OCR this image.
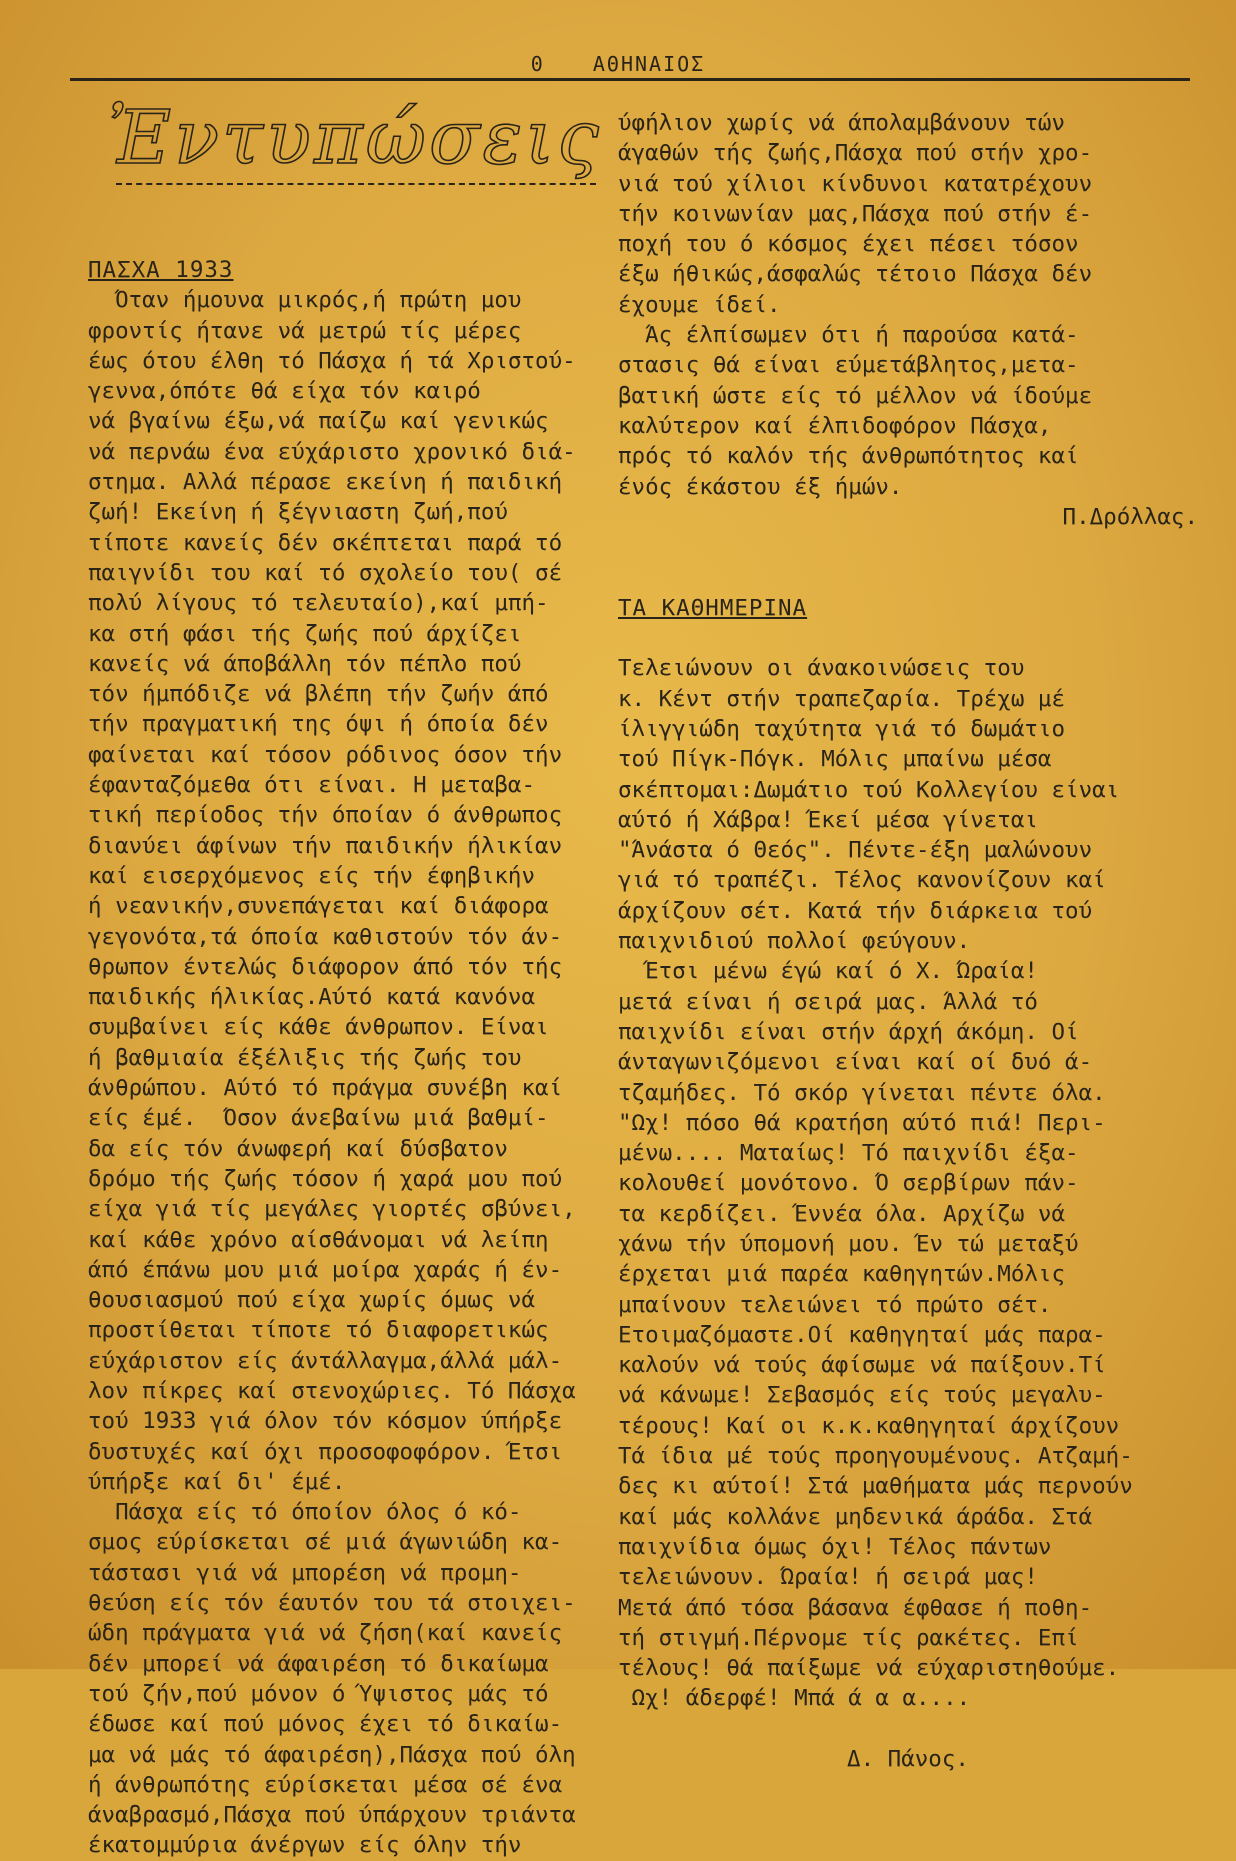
0 ΑΘΗΝΑΙΟΣ
Ἐντυπώσεις

ΠΑΣΧΑ 1933

Όταν ήμουνα μικρός,ή πρώτη μου

φροντίς ήτανε νά μετρώ τίς μέρες

έως ότου έλθη τό Πάσχα ή τά Χριστού-

γεννα,όπότε θά είχα τόν καιρό

νά βγαίνω έξω,νά παίζω καί γενικώς

νά περνάω ένα εύχάριστο χρονικό διά-

στημα. Αλλά πέρασε εκείνη ή παιδική

ζωή! Εκείνη ή ξέγνιαστη ζωή,πού

τίποτε κανείς δέν σκέπτεται παρά τό

παιγνίδι του καί τό σχολείο του( σέ

πολύ λίγους τό τελευταίο),καί μπή-

κα στή φάσι τής ζωής πού άρχίζει

κανείς νά άποβάλλη τόν πέπλο πού

τόν ήμπόδιζε νά βλέπη τήν ζωήν άπό

τήν πραγματική της όψι ή όποία δέν

φαίνεται καί τόσον ρόδινος όσον τήν

έφανταζόμεθα ότι είναι. Η μεταβα-

τική περίοδος τήν όποίαν ό άνθρωπος

διανύει άφίνων τήν παιδικήν ήλικίαν

καί εισερχόμενος είς τήν έφηβικήν

ή νεανικήν,συνεπάγεται καί διάφορα

γεγονότα,τά όποία καθιστούν τόν άν-

θρωπον έντελώς διάφορον άπό τόν τής

παιδικής ήλικίας.Αύτό κατά κανόνα

συμβαίνει είς κάθε άνθρωπον. Είναι

ή βαθμιαία έξέλιξις τής ζωής του

άνθρώπου. Αύτό τό πράγμα συνέβη καί

είς έμέ.  Όσον άνεβαίνω μιά βαθμί-

δα είς τόν άνωφερή καί δύσβατον

δρόμο τής ζωής τόσον ή χαρά μου πού

είχα γιά τίς μεγάλες γιορτές σβύνει,

καί κάθε χρόνο αίσθάνομαι νά λείπη

άπό έπάνω μου μιά μοίρα χαράς ή έν-

θουσιασμού πού είχα χωρίς όμως νά

προστίθεται τίποτε τό διαφορετικώς

εύχάριστον είς άντάλλαγμα,άλλά μάλ-

λον πίκρες καί στενοχώριες. Τό Πάσχα

τού 1933 γιά όλον τόν κόσμον ύπήρξε

δυστυχές καί όχι προσοφοφόρον. Έτσι

ύπήρξε καί δι' έμέ.

Πάσχα είς τό όποίον όλος ό κό-

σμος εύρίσκεται σέ μιά άγωνιώδη κα-

τάστασι γιά νά μπορέση νά προμη-

θεύση είς τόν έαυτόν του τά στοιχει-

ώδη πράγματα γιά νά ζήση(καί κανείς

δέν μπορεί νά άφαιρέση τό δικαίωμα

τού ζήν,πού μόνον ό Ύψιστος μάς τό

έδωσε καί πού μόνος έχει τό δικαίω-

μα νά μάς τό άφαιρέση),Πάσχα πού όλη

ή άνθρωπότης εύρίσκεται μέσα σέ ένα

άναβρασμό,Πάσχα πού ύπάρχουν τριάντα

έκατομμύρια άνέργων είς όλην τήν

ύφήλιον χωρίς νά άπολαμβάνουν τών

άγαθών τής ζωής,Πάσχα πού στήν χρο-

νιά τού χίλιοι κίνδυνοι κατατρέχουν

τήν κοινωνίαν μας,Πάσχα πού στήν έ-

ποχή του ό κόσμος έχει πέσει τόσον

έξω ήθικώς,άσφαλώς τέτοιο Πάσχα δέν

έχουμε ίδεί.

Άς έλπίσωμεν ότι ή παρούσα κατά-

στασις θά είναι εύμετάβλητος,μετα-

βατική ώστε είς τό μέλλον νά ίδούμε

καλύτερον καί έλπιδοφόρον Πάσχα,

πρός τό καλόν τής άνθρωπότητος καί

ένός έκάστου έξ ήμών.

Π.Δρόλλας.

ΤΑ ΚΑΘΗΜΕΡΙΝΑ

Τελειώνουν οι άνακοινώσεις του

κ. Κέντ στήν τραπεζαρία. Τρέχω μέ

ίλιγγιώδη ταχύτητα γιά τό δωμάτιο

τού Πίγκ-Πόγκ. Μόλις μπαίνω μέσα

σκέπτομαι:Δωμάτιο τού Κολλεγίου είναι

αύτό ή Χάβρα! Έκεί μέσα γίνεται

"Άνάστα ό Θεός". Πέντε-έξη μαλώνουν

γιά τό τραπέζι. Τέλος κανονίζουν καί

άρχίζουν σέτ. Κατά τήν διάρκεια τού

παιχνιδιού πολλοί φεύγουν.

Έτσι μένω έγώ καί ό Χ. Ώραία!

μετά είναι ή σειρά μας. Άλλά τό

παιχνίδι είναι στήν άρχή άκόμη. Οί

άνταγωνιζόμενοι είναι καί οί δυό ά-

τζαμήδες. Τό σκόρ γίνεται πέντε όλα.

"Ωχ! πόσο θά κρατήση αύτό πιά! Περι-

μένω.... Ματαίως! Τό παιχνίδι έξα-

κολουθεί μονότονο. Ό σερβίρων πάν-

τα κερδίζει. Έννέα όλα. Αρχίζω νά

χάνω τήν ύπομονή μου. Έν τώ μεταξύ

έρχεται μιά παρέα καθηγητών.Μόλις

μπαίνουν τελειώνει τό πρώτο σέτ.

Ετοιμαζόμαστε.Οί καθηγηταί μάς παρα-

καλούν νά τούς άφίσωμε νά παίξουν.Τί

νά κάνωμε! Σεβασμός είς τούς μεγαλυ-

τέρους! Καί οι κ.κ.καθηγηταί άρχίζουν

Τά ίδια μέ τούς προηγουμένους. Ατζαμή-

δες κι αύτοί! Στά μαθήματα μάς περνούν

καί μάς κολλάνε μηδενικά άράδα. Στά

παιχνίδια όμως όχι! Τέλος πάντων

τελειώνουν. Ώραία! ή σειρά μας!

Μετά άπό τόσα βάσανα έφθασε ή ποθη-

τή στιγμή.Πέρνομε τίς ρακέτες. Επί

τέλους! θά παίξωμε νά εύχαριστηθούμε.

Ωχ! άδερφέ! Μπά ά α α....

Δ. Πάνος.
